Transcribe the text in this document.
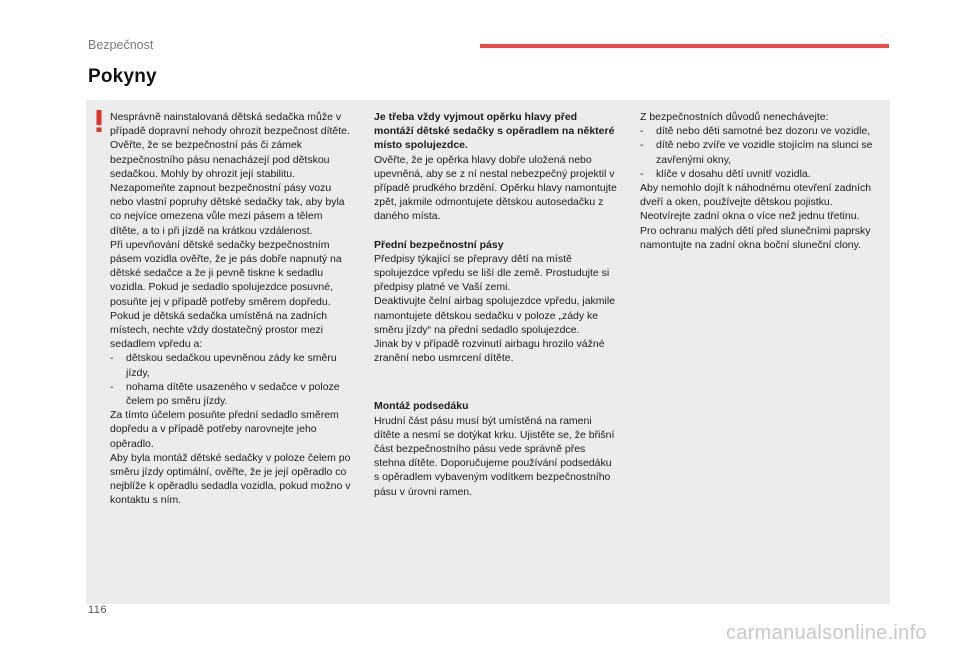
Bezpečnost
Pokyny

Nesprávně nainstalovaná dětská sedačka může v případě dopravní nehody ohrozit bezpečnost dítěte.

Ověřte, že se bezpečnostní pás či zámek bezpečnostního pásu nenacházejí pod dětskou sedačkou. Mohly by ohrozit její stabilitu.

Nezapomeňte zapnout bezpečnostní pásy vozu nebo vlastní popruhy dětské sedačky tak, aby byla co nejvíce omezena vůle mezi pásem a tělem dítěte, a to i při jízdě na krátkou vzdálenost.

Při upevňování dětské sedačky bezpečnostním pásem vozidla ověřte, že je pás dobře napnutý na dětské sedačce a že ji pevně tiskne k sedadlu vozidla. Pokud je sedadlo spolujezdce posuvné, posuňte jej v případě potřeby směrem dopředu.

Pokud je dětská sedačka umístěná na zadních místech, nechte vždy dostatečný prostor mezi sedadlem vpředu a:

-	dětskou sedačkou upevněnou zády ke směru jízdy,
-	nohama dítěte usazeného v sedačce v poloze čelem po směru jízdy.

Za tímto účelem posuňte přední sedadlo směrem dopředu a v případě potřeby narovnejte jeho opěradlo.

Aby byla montáž dětské sedačky v poloze čelem po směru jízdy optimální, ověřte, že je její opěradlo co nejblíže k opěradlu sedadla vozidla, pokud možno v kontaktu s ním.

Je třeba vždy vyjmout opěrku hlavy před montáží dětské sedačky s opěradlem na některé místo spolujezdce.

Ověřte, že je opěrka hlavy dobře uložená nebo upevněná, aby se z ní nestal nebezpečný projektil v případě prudkého brzdění. Opěrku hlavy namontujte zpět, jakmile odmontujete dětskou autosedačku z daného místa.

Přední bezpečnostní pásy

Předpisy týkající se přepravy dětí na místě spolujezdce vpředu se liší dle země. Prostudujte si předpisy platné ve Vaší zemi.

Deaktivujte čelní airbag spolujezdce vpředu, jakmile namontujete dětskou sedačku v poloze „zády ke směru jízdy“ na přední sedadlo spolujezdce.

Jinak by v případě rozvinutí airbagu hrozilo vážné zranění nebo usmrcení dítěte.

Montáž podsedáku

Hrudní část pásu musí být umístěná na rameni dítěte a nesmí se dotýkat krku. Ujistěte se, že břišní část bezpečnostního pásu vede správně přes stehna dítěte. Doporučujeme používání podsedáku s opěradlem vybaveným vodítkem bezpečnostního pásu v úrovni ramen.

Z bezpečnostních důvodů nenechávejte:

-	dítě nebo děti samotné bez dozoru ve vozidle,
-	dítě nebo zvíře ve vozidle stojícím na slunci se zavřenými okny,
-	klíče v dosahu dětí uvnitř vozidla.

Aby nemohlo dojít k náhodnému otevření zadních dveří a oken, používejte dětskou pojistku.

Neotvírejte zadní okna o více než jednu třetinu.

Pro ochranu malých dětí před slunečními paprsky namontujte na zadní okna boční sluneční clony.

116
carmanualsonline.info
